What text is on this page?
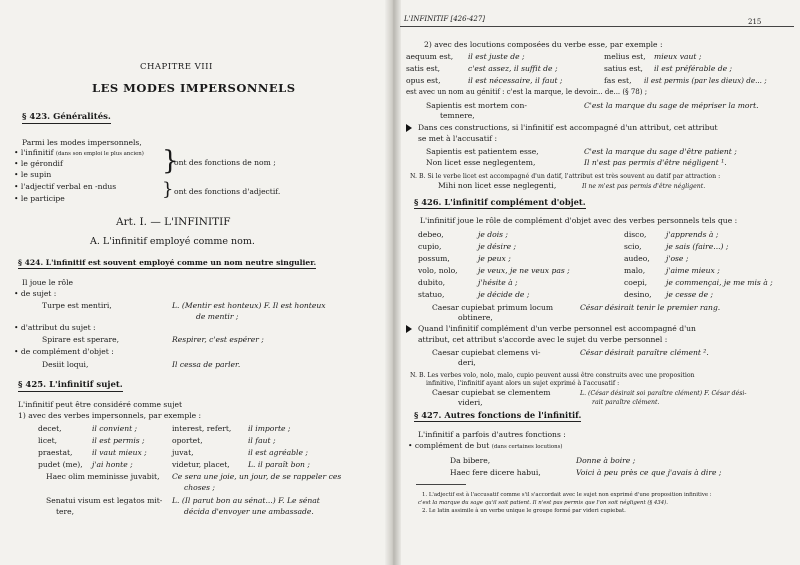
CHAPITRE VIII
LES MODES IMPERSONNELS
§ 423. Généralités.
Parmi les modes impersonnels,
• l'infinitif (dans son emploi le plus ancien)
• le gérondif
• le supin
• l'adjectif verbal en -ndus
• le participe
}
ont des fonctions de nom ;
} ont des fonctions d'adjectif.
Art. I. — L'INFINITIF
A. L'infinitif employé comme nom.
§ 424. L'infinitif est souvent employé comme un nom neutre singulier.
Il joue le rôle
• de sujet :
Turpe est mentiri,	L. (Mentir est honteux) F. Il est honteux
de mentir ;
• d'attribut du sujet :
Spirare est sperare,	Respirer, c'est espérer ;
• de complément d'objet :
Desiit loqui,	Il cessa de parler.
§ 425. L'infinitif sujet.
L'infinitif peut être considéré comme sujet
1) avec des verbes impersonnels, par exemple :
decet,	il convient ;	interest, refert, il importe ;
licet,	il est permis ;	oportet,	il faut ;
praestat,	il vaut mieux ;	juvat,	il est agréable ;
pudet (me), j'ai honte ;	videtur, placet, L. il paraît bon ;
Haec olim meminisse juvabit, Ce sera une joie, un jour, de se rappeler ces
choses ;
Senatui visum est legatos mit-
tere,
L. (Il parut bon au sénat...) F. Le sénat
décida d'envoyer une ambassade.
L'INFINITIF [426-427]	215
2) avec des locutions composées du verbe esse, par exemple :
aequum est, il est juste de ;	melius est, mieux vaut ;
satis est,	c'est assez, il suffit de ;	satius est, il est préférable de ;
opus est,	il est nécessaire, il faut ;	fas est, il est permis (par les dieux) de... ;
est avec un nom au génitif : c'est la marque, le devoir... de... (§ 78) ;
Sapientis est mortem con-
temnere,
C'est la marque du sage de mépriser la mort.
Dans ces constructions, si l'infinitif est accompagné d'un attribut, cet attribut
se met à l'accusatif :
Sapientis est patientem esse,	C'est la marque du sage d'être patient ;
Non licet esse neglegentem,	Il n'est pas permis d'être négligent ¹.
N. B. Si le verbe licet est accompagné d'un datif, l'attribut est très souvent au datif par attraction :
Mihi non licet esse neglegenti,	Il ne m'est pas permis d'être négligent.
§ 426. L'infinitif complément d'objet.
L'infinitif joue le rôle de complément d'objet avec des verbes personnels tels que :
debeo,	je dois ;	disco,	j'apprends à ;
cupio,	je désire ;	scio,	je sais (faire...) ;
possum,	je peux ;	audeo, j'ose ;
volo, nolo,	je veux, je ne veux pas ;	malo,	j'aime mieux ;
dubito,	j'hésite à ;	coepi, je commençai, je me mis à ;
statuo,	je décide de ;	desino, je cesse de ;
Caesar cupiebat primum locum
obtinere,
César désirait tenir le premier rang.
Quand l'infinitif complément d'un verbe personnel est accompagné d'un
attribut, cet attribut s'accorde avec le sujet du verbe personnel :
Caesar cupiebat clemens vi-
deri,
César désirait paraître clément ².
N. B. Les verbes volo, nolo, malo, cupio peuvent aussi être construits avec une proposition
infinitive, l'infinitif ayant alors un sujet exprimé à l'accusatif :
Caesar cupiebat se clementem
videri,
L. (César désirait soi paraître clément) F. César dési-
rait paraître clément.
§ 427. Autres fonctions de l'infinitif.
L'infinitif a parfois d'autres fonctions :
• complément de but (dans certaines locutions)
Da bibere,	Donne à boire ;
Haec fere dicere habui,	Voici à peu près ce que j'avais à dire ;
1. L'adjectif est à l'accusatif comme s'il s'accordait avec le sujet non exprimé d'une proposition infinitive :
c'est la marque du sage qu'il soit patient. Il n'est pas permis que l'on soit négligent (§ 434).
2. Le latin assimile à un verbe unique le groupe formé par videri cupiebat.
